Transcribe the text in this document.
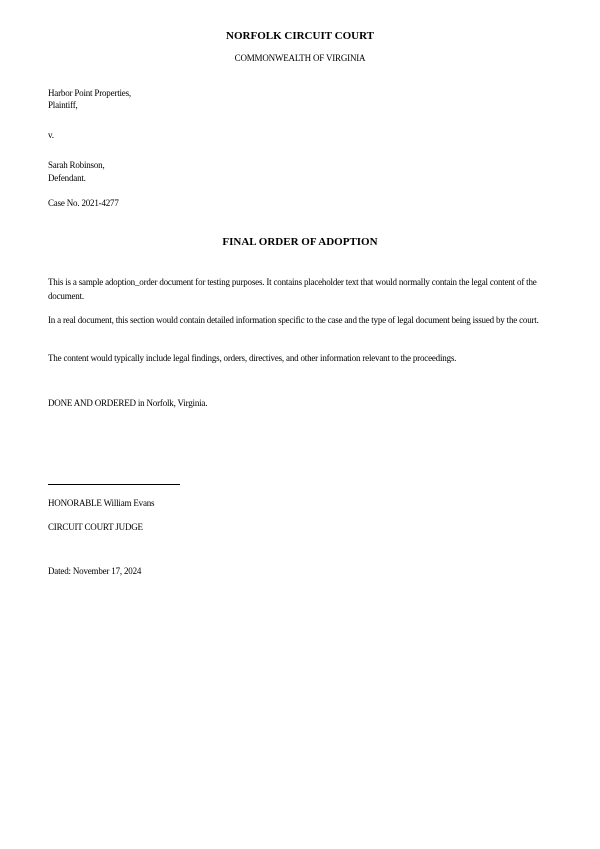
NORFOLK CIRCUIT COURT
COMMONWEALTH OF VIRGINIA
Harbor Point Properties,
Plaintiff,
v.
Sarah Robinson,
Defendant.
Case No. 2021-4277
FINAL ORDER OF ADOPTION
This is a sample adoption_order document for testing purposes. It contains placeholder text that would normally contain the legal content of the document.
In a real document, this section would contain detailed information specific to the case and the type of legal document being issued by the court.
The content would typically include legal findings, orders, directives, and other information relevant to the proceedings.
DONE AND ORDERED in Norfolk, Virginia.
HONORABLE William Evans
CIRCUIT COURT JUDGE
Dated: November 17, 2024
